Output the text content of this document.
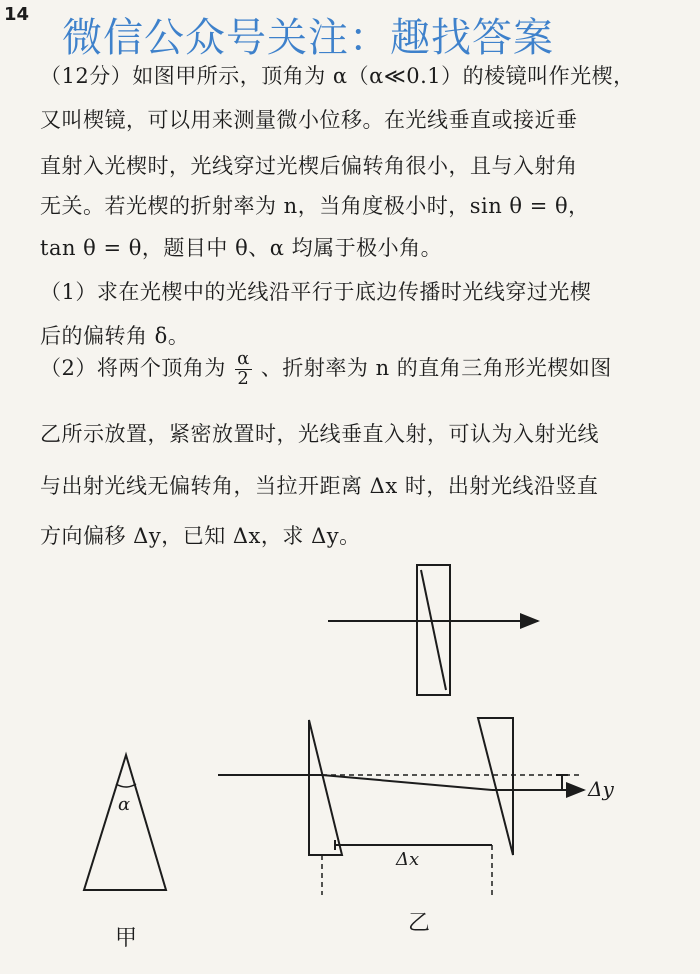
微信公众号关注：趣找答案
14
（12分）如图甲所示，顶角为 α（α≪0.1）的棱镜叫作光楔，
又叫楔镜，可以用来测量微小位移。在光线垂直或接近垂
直射入光楔时，光线穿过光楔后偏转角很小，且与入射角
无关。若光楔的折射率为 n，当角度极小时，sin θ = θ，
tan θ = θ，题目中 θ、α 均属于极小角。
（1）求在光楔中的光线沿平行于底边传播时光线穿过光楔
后的偏转角 δ。
（2）将两个顶角为 $\frac{\alpha}{2}$ 、折射率为 n 的直角三角形光楔如图
乙所示放置，紧密放置时，光线垂直入射，可认为入射光线
与出射光线无偏转角，当拉开距离 Δx 时，出射光线沿竖直
方向偏移 Δy，已知 Δx，求 Δy。
α
甲
Δx
Δy
乙
